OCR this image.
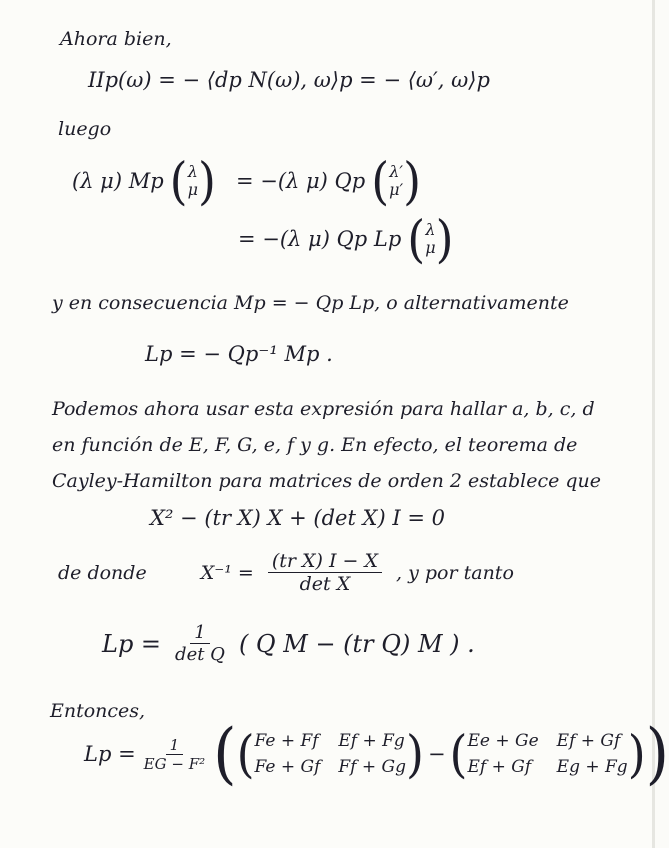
Ahora bien,
IIp(ω) = − ⟨dp N(ω), ω⟩p = − ⟨ω′, ω⟩p
luego
(λ μ) Mp ( λ
μ ) = −(λ μ) Qp ( λ′
μ′ )
= −(λ μ) Qp Lp ( λ
μ )
y en consecuencia Mp = − Qp Lp, o alternativamente
Lp = − Qp⁻¹ Mp .
Podemos ahora usar esta expresión para hallar a, b, c, d
en función de E, F, G, e, f y g. En efecto, el teorema de
Cayley-Hamilton para matrices de orden 2 establece que
X² − (tr X) X + (det X) I = 0
de donde	$X^{-1} = \frac{\text{(tr X) I − X}}{\text{det X}}$ , y por tanto
$Lp = \frac{1}{\text{det Q}}$ ( Q M − (tr Q) M ) .
Entonces,
$Lp = \frac{1}{\text{EG − F²}}$ ( ( Fe + Ff Ef + Fg
Fe + Gf Ff + Gg ) − ( Ee + Ge Ef + Gf
Ef + Gf	Eg + Fg ) )
